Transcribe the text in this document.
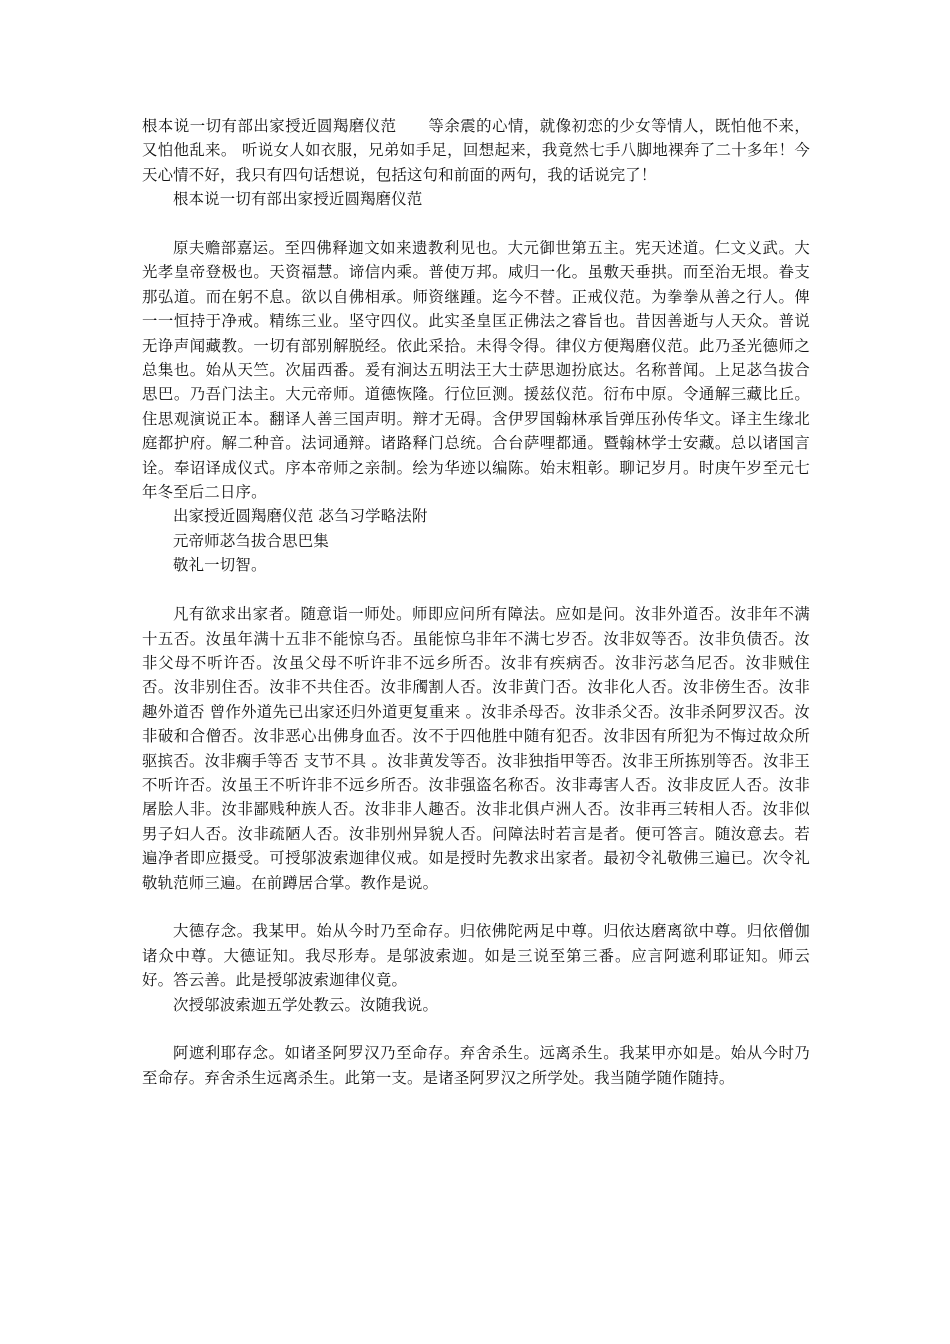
根本说一切有部出家授近圆羯磨仪范　　等余震的心情，就像初恋的少女等情人，既怕他不来，又怕他乱来。 听说女人如衣服，兄弟如手足，回想起来，我竟然七手八脚地裸奔了二十多年！今天心情不好，我只有四句话想说，包括这句和前面的两句，我的话说完了！

根本说一切有部出家授近圆羯磨仪范

原夫赡部嘉运。至四佛释迦文如来遗教利见也。大元御世第五主。宪天述道。仁文义武。大光孝皇帝登极也。天资福慧。谛信内乘。普使万邦。咸归一化。虽敷天垂拱。而至治无垠。眷支那弘道。而在躬不息。欲以自佛相承。师资继踵。迄今不替。正戒仪范。为拳拳从善之行人。俾一一恒持于净戒。精练三业。坚守四仪。此实圣皇匡正佛法之睿旨也。昔因善逝与人天众。普说无诤声闻藏教。一切有部别解脱经。依此采拾。未得令得。律仪方便羯磨仪范。此乃圣光德师之总集也。始从天竺。次届西番。爰有涧达五明法王大士萨思迦扮底达。名称普闻。上足苾刍拔合思巴。乃吾门法主。大元帝师。道德恢隆。行位叵测。援兹仪范。衍布中原。令通解三藏比丘。住思观演说正本。翻译人善三国声明。辩才无碍。含伊罗国翰林承旨弹压孙传华文。译主生缘北庭都护府。解二种音。法词通辩。诸路释门总统。合台萨哩都通。暨翰林学士安藏。总以诸国言诠。奉诏译成仪式。序本帝师之亲制。绘为华迹以编陈。始末粗彰。聊记岁月。时庚午岁至元七年冬至后二日序。

出家授近圆羯磨仪范 苾刍习学略法附

元帝师苾刍拔合思巴集

敬礼一切智。

凡有欲求出家者。随意诣一师处。师即应问所有障法。应如是问。汝非外道否。汝非年不满十五否。汝虽年满十五非不能惊乌否。虽能惊乌非年不满七岁否。汝非奴等否。汝非负债否。汝非父母不听许否。汝虽父母不听许非不远乡所否。汝非有疾病否。汝非污苾刍尼否。汝非贼住否。汝非别住否。汝非不共住否。汝非斶割人否。汝非黄门否。汝非化人否。汝非傍生否。汝非趣外道否 曾作外道先已出家还归外道更复重来 。汝非杀母否。汝非杀父否。汝非杀阿罗汉否。汝非破和合僧否。汝非恶心出佛身血否。汝不于四他胜中随有犯否。汝非因有所犯为不悔过故众所驱摈否。汝非瘸手等否 支节不具 。汝非黄发等否。汝非独指甲等否。汝非王所拣别等否。汝非王不听许否。汝虽王不听许非不远乡所否。汝非强盗名称否。汝非毒害人否。汝非皮匠人否。汝非屠脍人非。汝非鄙贱种族人否。汝非非人趣否。汝非北俱卢洲人否。汝非再三转相人否。汝非似男子妇人否。汝非疏陋人否。汝非别州异貌人否。问障法时若言是者。便可答言。随汝意去。若遍净者即应摄受。可授邬波索迦律仪戒。如是授时先教求出家者。最初令礼敬佛三遍已。次令礼敬轨范师三遍。在前蹲居合掌。教作是说。

大德存念。我某甲。始从今时乃至命存。归依佛陀两足中尊。归依达磨离欲中尊。归依僧伽诸众中尊。大德证知。我尽形寿。是邬波索迦。如是三说至第三番。应言阿遮利耶证知。师云好。答云善。此是授邬波索迦律仪竟。

次授邬波索迦五学处教云。汝随我说。

阿遮利耶存念。如诸圣阿罗汉乃至命存。弃舍杀生。远离杀生。我某甲亦如是。始从今时乃至命存。弃舍杀生远离杀生。此第一支。是诸圣阿罗汉之所学处。我当随学随作随持。
